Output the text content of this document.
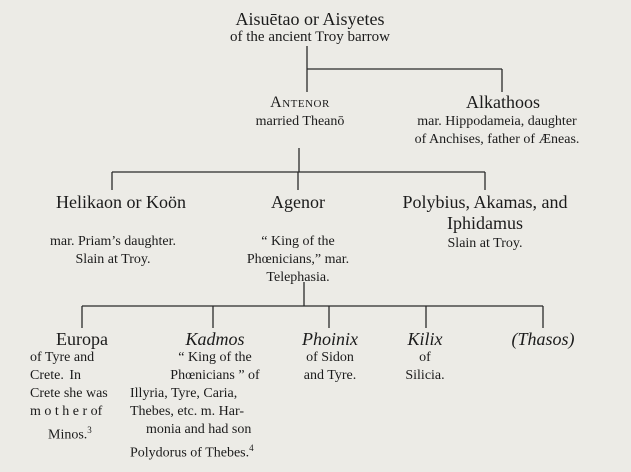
Aisuētao or Aisyetes
of the ancient Troy barrow
Antenor
married Theanō
Alkathoos
mar. Hippodameia, daughter
of Anchises, father of Æneas.
Helikaon or Koön
mar. Priam’s daughter.
Slain at Troy.
Agenor
“ King of the
Phœnicians,” mar.
Telephasia.
Polybius, Akamas, and
Iphidamus
Slain at Troy.
Europa
of Tyre and
Crete. In
Crete she was
m o t h e r of
Minos.$^3$
Kadmos
“ King of the
Phœnicians ” of
Illyria, Tyre, Caria,
Thebes, etc. m. Har-
monia and had son
Polydorus of Thebes.$^4$
Phoinix
of Sidon
and Tyre.
Kilix
of
Silicia.
(Thasos)
